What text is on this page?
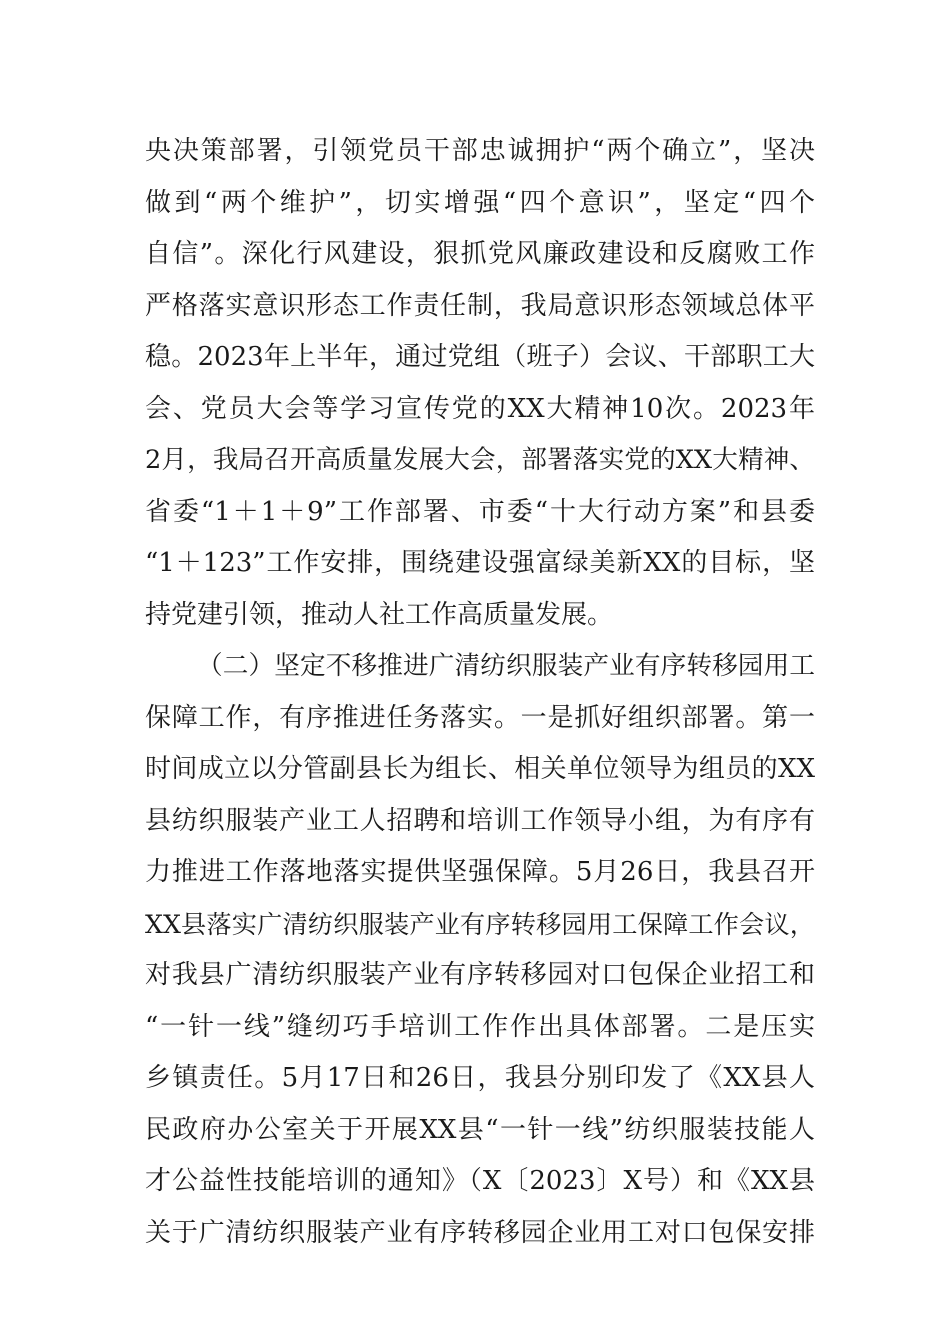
央决策部署，引领党员干部忠诚拥护“两个确立”，坚决
做到“两个维护”，切实增强“四个意识”，坚定“四个
自信”。深化行风建设，狠抓党风廉政建设和反腐败工作
严格落实意识形态工作责任制，我局意识形态领域总体平
稳。2023年上半年，通过党组（班子）会议、干部职工大
会、党员大会等学习宣传党的XX大精神10次。2023年
2月，我局召开高质量发展大会，部署落实党的XX大精神、
省委“1＋1＋9”工作部署、市委“十大行动方案”和县委
“1＋123”工作安排，围绕建设强富绿美新XX的目标，坚
持党建引领，推动人社工作高质量发展。
（二）坚定不移推进广清纺织服装产业有序转移园用工
保障工作，有序推进任务落实。一是抓好组织部署。第一
时间成立以分管副县长为组长、相关单位领导为组员的XX
县纺织服装产业工人招聘和培训工作领导小组，为有序有
力推进工作落地落实提供坚强保障。5月26日，我县召开
XX县落实广清纺织服装产业有序转移园用工保障工作会议，
对我县广清纺织服装产业有序转移园对口包保企业招工和
“一针一线”缝纫巧手培训工作作出具体部署。二是压实
乡镇责任。5月17日和26日，我县分别印发了《XX县人
民政府办公室关于开展XX县“一针一线”纺织服装技能人
才公益性技能培训的通知》（X〔2023〕X号）和《XX县
关于广清纺织服装产业有序转移园企业用工对口包保安排
